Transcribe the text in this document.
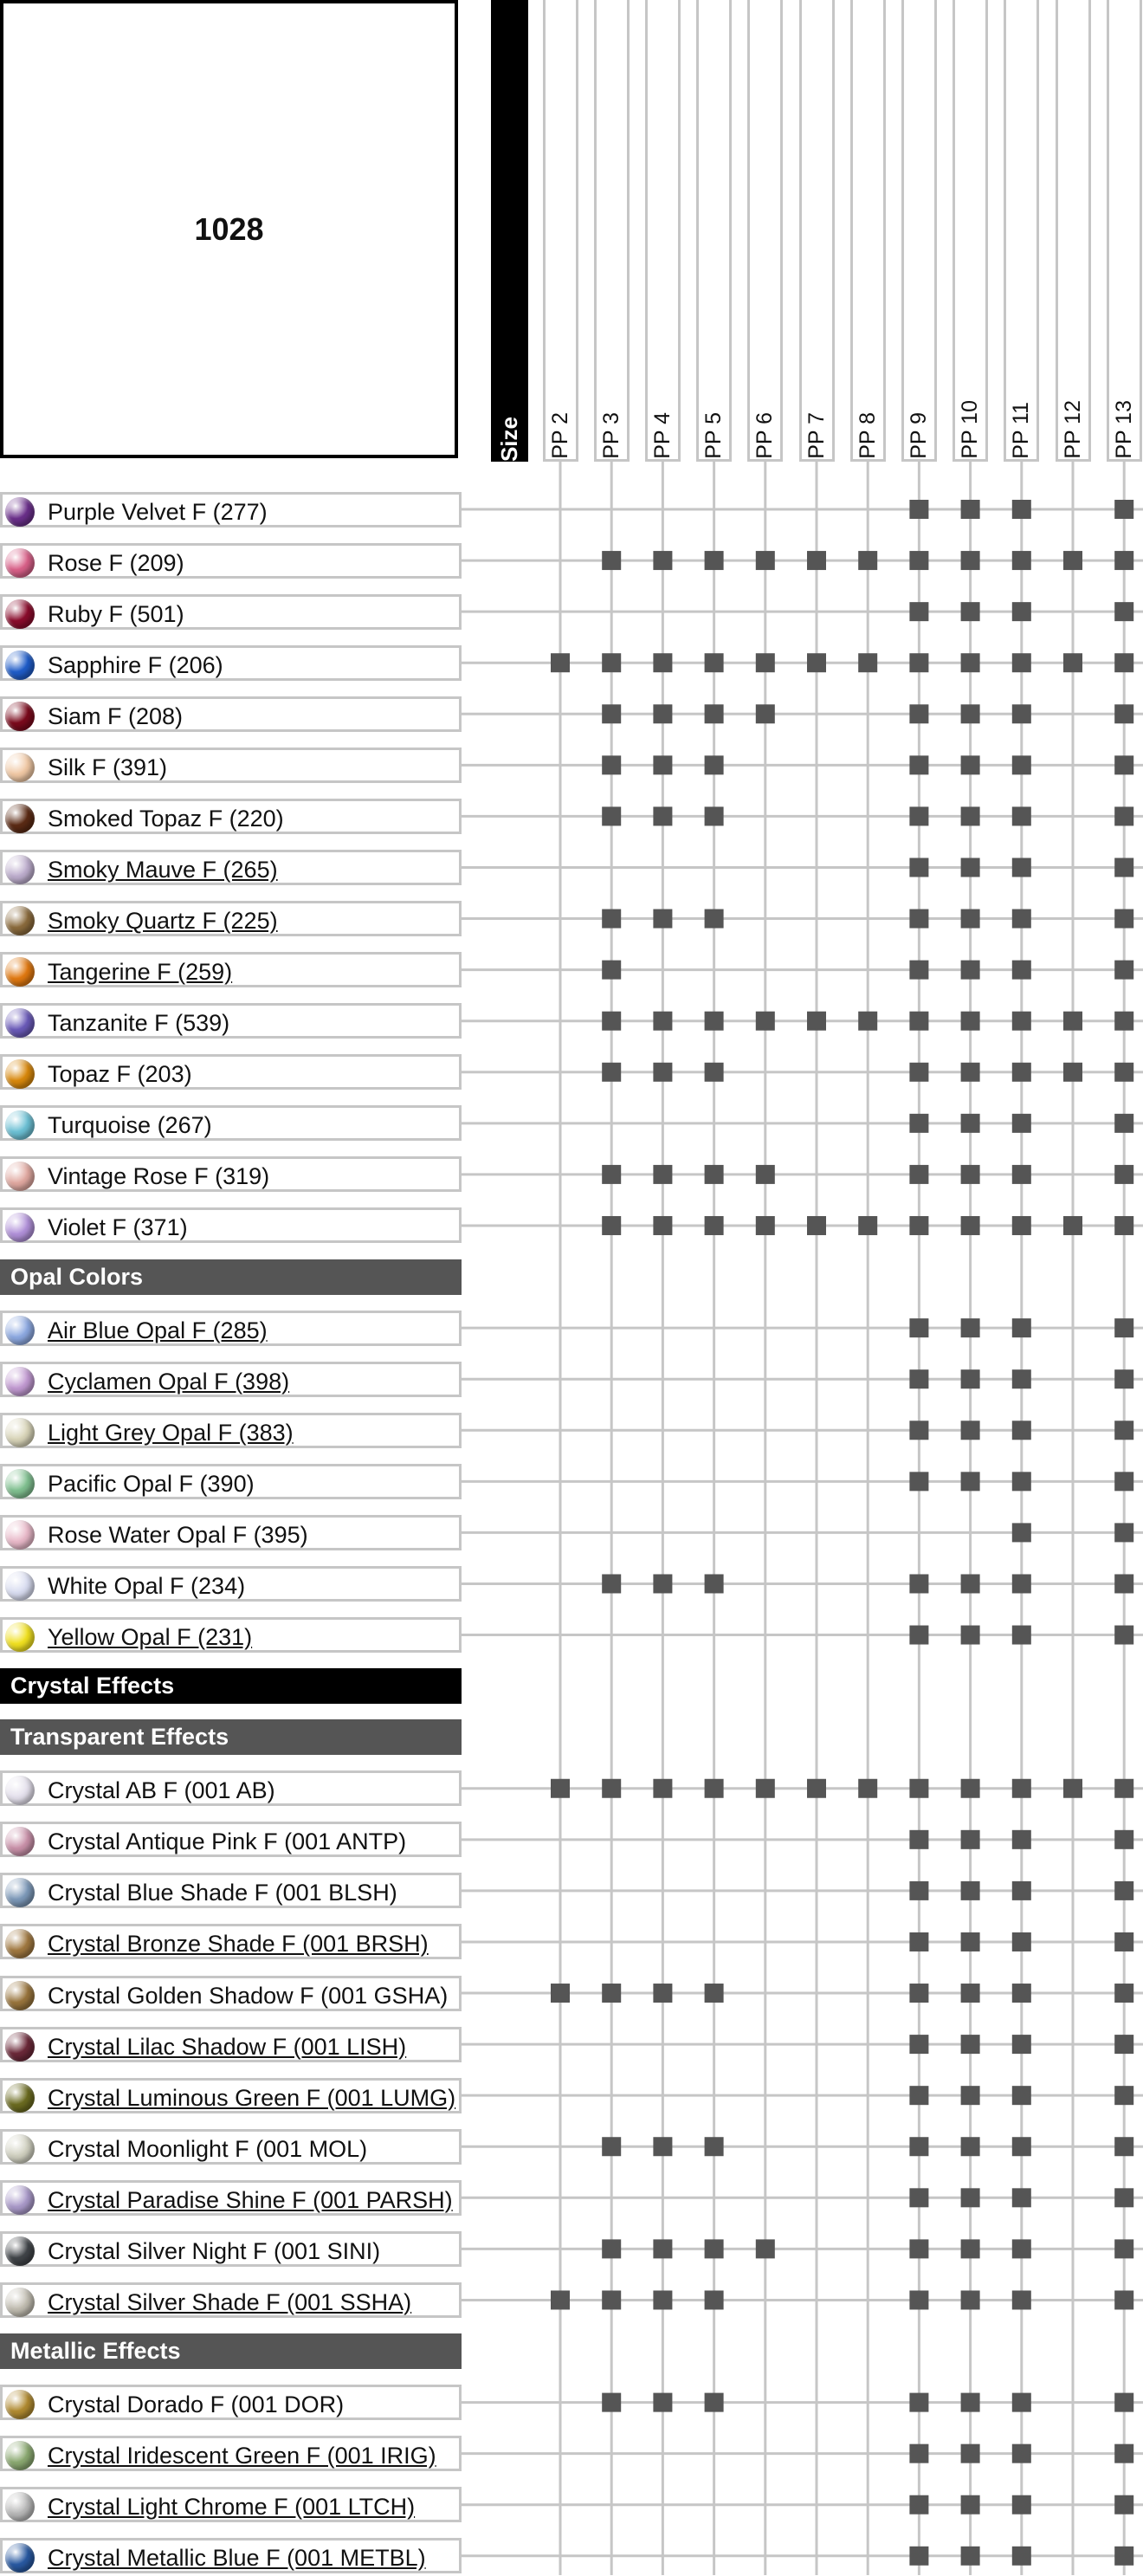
1028
Size PP 2 PP 3 PP 4 PP 5 PP 6 PP 7 PP 8 PP 9 PP 10 PP 11 PP 12 PP 13
Purple Velvet F (277)
Rose F (209)
Ruby F (501)
Sapphire F (206)
Siam F (208)
Silk F (391)
Smoked Topaz F (220)
Smoky Mauve F (265)
Smoky Quartz F (225)
Tangerine F (259)
Tanzanite F (539)
Topaz F (203)
Turquoise (267)
Vintage Rose F (319)
Violet F (371)
Opal Colors
Air Blue Opal F (285)
Cyclamen Opal F (398)
Light Grey Opal F (383)
Pacific Opal F (390)
Rose Water Opal F (395)
White Opal F (234)
Yellow Opal F (231)
Crystal Effects
Transparent Effects
Crystal AB F (001 AB)
Crystal Antique Pink F (001 ANTP)
Crystal Blue Shade F (001 BLSH)
Crystal Bronze Shade F (001 BRSH)
Crystal Golden Shadow F (001 GSHA)
Crystal Lilac Shadow F (001 LISH)
Crystal Luminous Green F (001 LUMG)
Crystal Moonlight F (001 MOL)
Crystal Paradise Shine F (001 PARSH)
Crystal Silver Night F (001 SINI)
Crystal Silver Shade F (001 SSHA)
Metallic Effects
Crystal Dorado F (001 DOR)
Crystal Iridescent Green F (001 IRIG)
Crystal Light Chrome F (001 LTCH)
Crystal Metallic Blue F (001 METBL)
